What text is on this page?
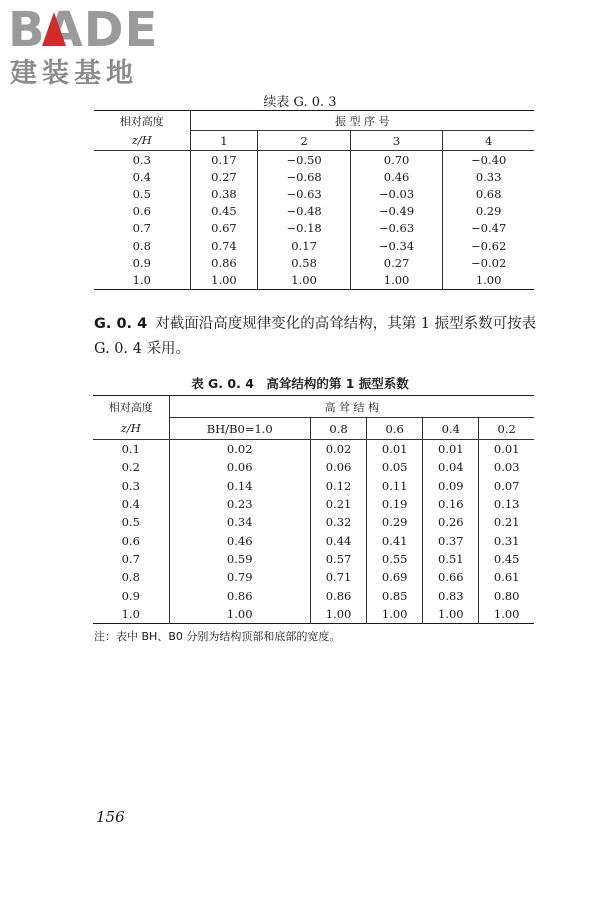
BADE
建装基地
续表 G. 0. 3
相对高度	振 型 序 号			
z/H	1	2	3	4
0.3	0.17	−0.50	0.70	−0.40
0.4	0.27	−0.68	0.46	0.33
0.5	0.38	−0.63	−0.03	0.68
0.6	0.45	−0.48	−0.49	0.29
0.7	0.67	−0.18	−0.63	−0.47
0.8	0.74	0.17	−0.34	−0.62
0.9	0.86	0.58	0.27	−0.02
1.0	1.00	1.00	1.00	1.00
G. 0. 4 对截面沿高度规律变化的高耸结构，其第 1 振型系数可按表 G. 0. 4 采用。
表 G. 0. 4　高耸结构的第 1 振型系数
相对高度	高 耸 结 构				
z/H	BH/B0=1.0	0.8	0.6	0.4	0.2
0.1	0.02	0.02	0.01	0.01	0.01
0.2	0.06	0.06	0.05	0.04	0.03
0.3	0.14	0.12	0.11	0.09	0.07
0.4	0.23	0.21	0.19	0.16	0.13
0.5	0.34	0.32	0.29	0.26	0.21
0.6	0.46	0.44	0.41	0.37	0.31
0.7	0.59	0.57	0.55	0.51	0.45
0.8	0.79	0.71	0.69	0.66	0.61
0.9	0.86	0.86	0.85	0.83	0.80
1.0	1.00	1.00	1.00	1.00	1.00
注：表中 BH、B0 分别为结构顶部和底部的宽度。
156
